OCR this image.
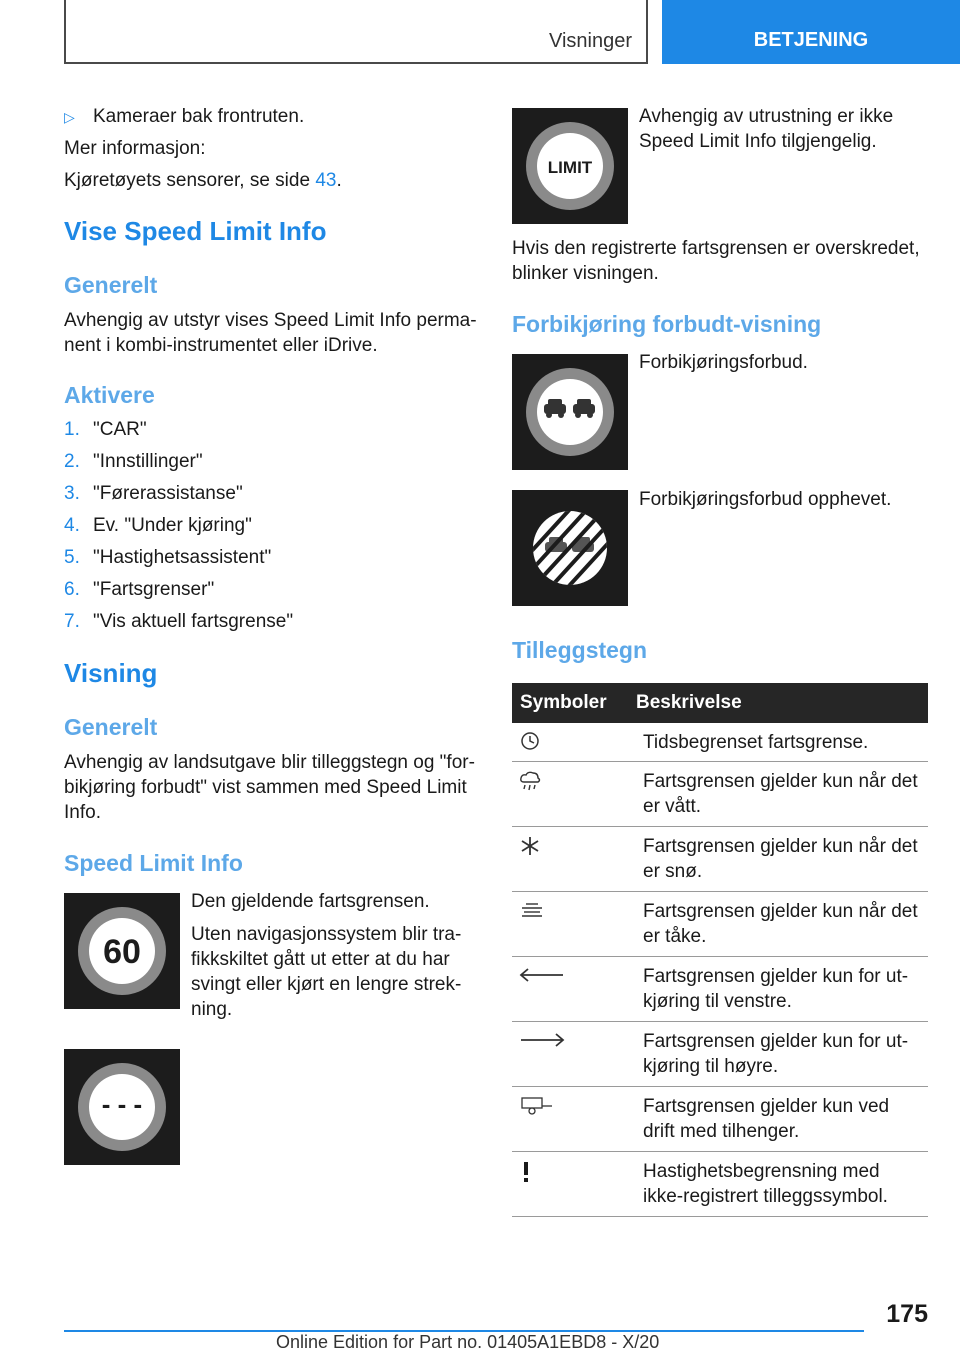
Visninger	BETJENING
▷ Kameraer bak frontruten.
Mer informasjon:
Kjøretøyets sensorer, se side 43.
Vise Speed Limit Info
Generelt
Avhengig av utstyr vises Speed Limit Info perma-
nent i kombi-instrumentet eller iDrive.
Aktivere
1. "CAR"
2. "Innstillinger"
3. "Førerassistanse"
4. Ev. "Under kjøring"
5. "Hastighetsassistent"
6. "Fartsgrenser"
7. "Vis aktuell fartsgrense"
Visning
Generelt
Avhengig av landsutgave blir tilleggstegn og "for-
bikjøring forbudt" vist sammen med Speed Limit
Info.
Speed Limit Info
60
Den gjeldende fartsgrensen.
Uten navigasjonssystem blir tra-
fikkskiltet gått ut etter at du har
svingt eller kjørt en lengre strek-
ning.
- - -
LIMIT
Avhengig av utrustning er ikke
Speed Limit Info tilgjengelig.
Hvis den registrerte fartsgrensen er overskredet,
blinker visningen.
Forbikjøring forbudt-visning
Forbikjøringsforbud.
Forbikjøringsforbud opphevet.
Tilleggstegn
Symboler	Beskrivelse
Tidsbegrenset fartsgrense.
Fartsgrensen gjelder kun når det
er vått.
Fartsgrensen gjelder kun når det
er snø.
Fartsgrensen gjelder kun når det
er tåke.
Fartsgrensen gjelder kun for ut-
kjøring til venstre.
Fartsgrensen gjelder kun for ut-
kjøring til høyre.
Fartsgrensen gjelder kun ved
drift med tilhenger.
Hastighetsbegrensning med
ikke-registrert tilleggssymbol.
175
Online Edition for Part no. 01405A1EBD8 - X/20
